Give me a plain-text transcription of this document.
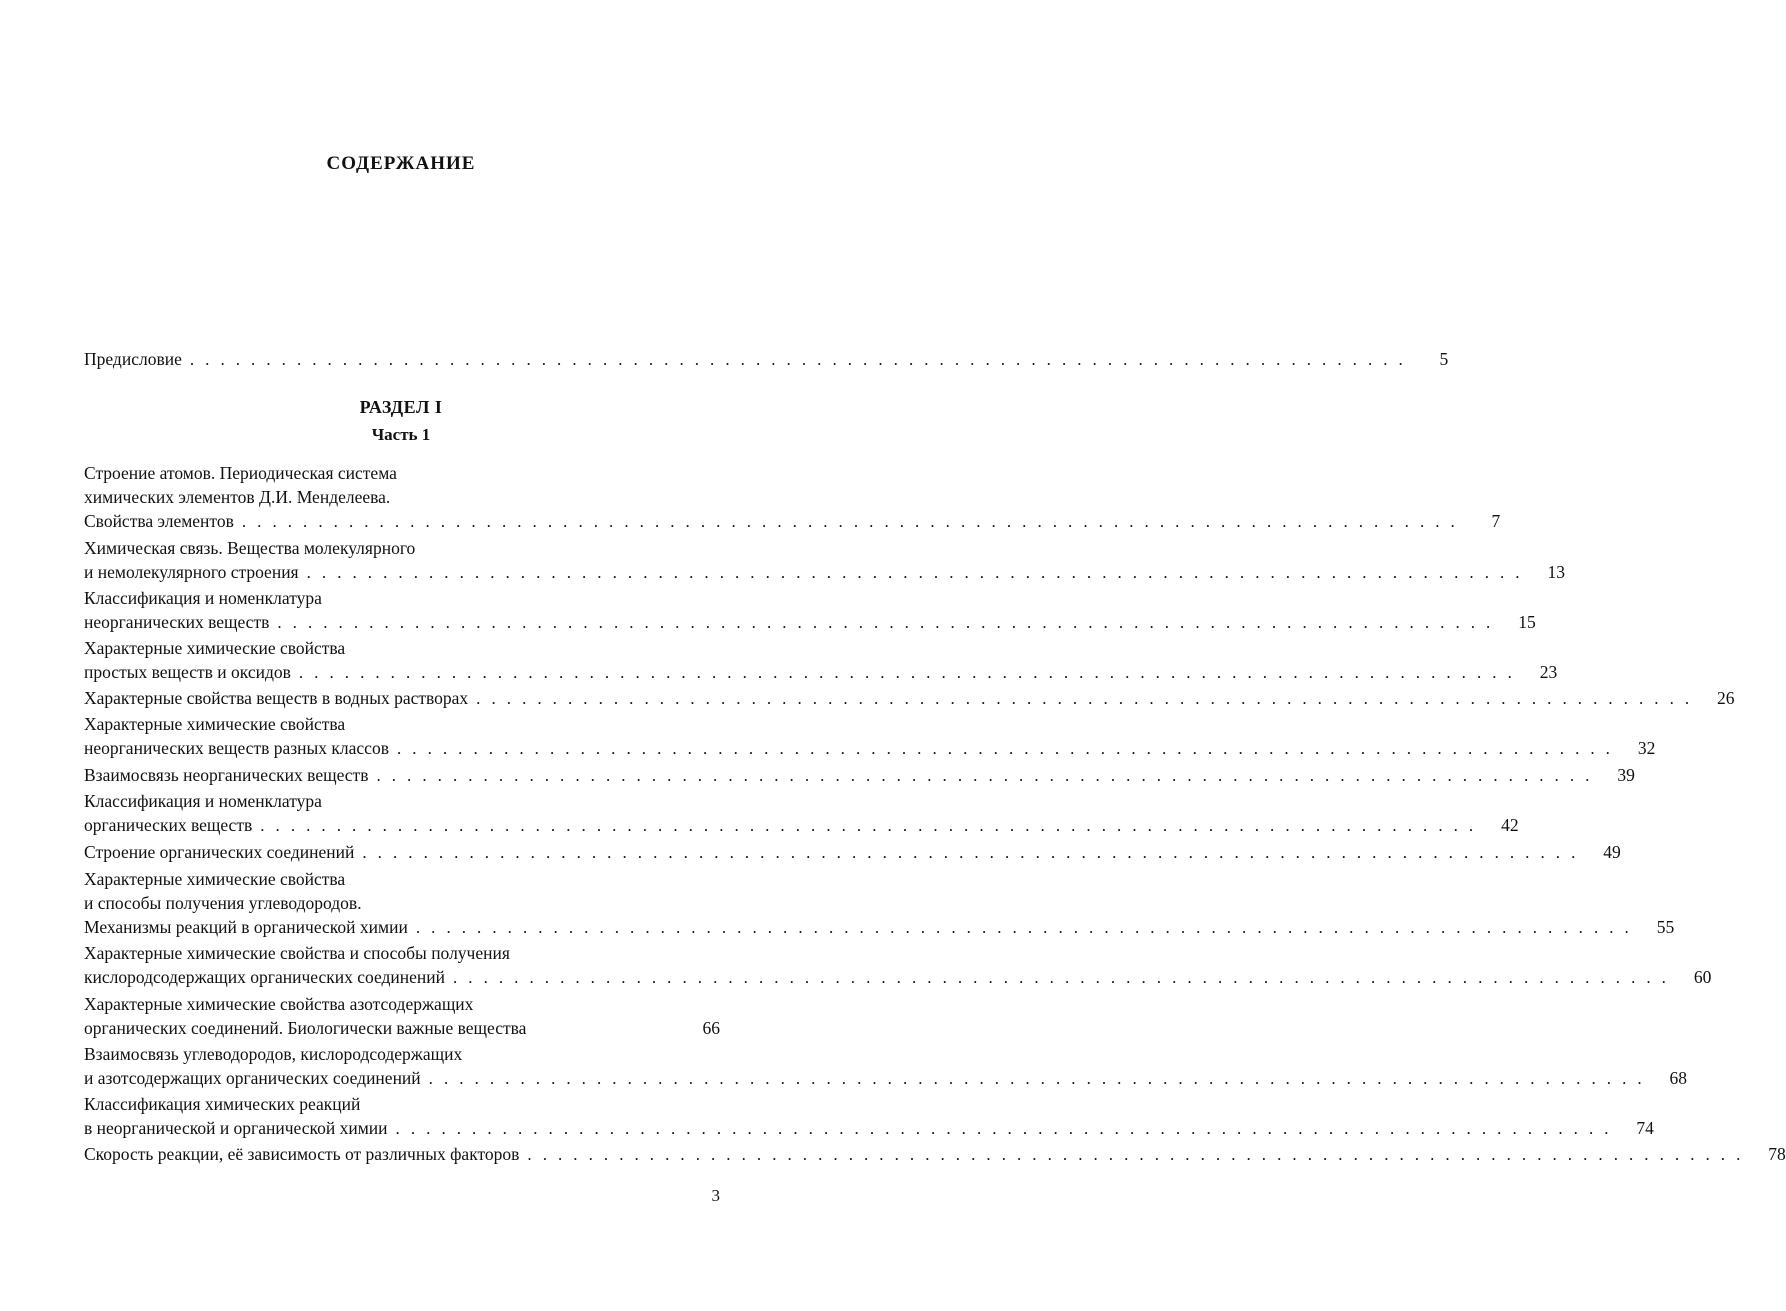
СОДЕРЖАНИЕ
Предисловие . . . . . . . . . . . . . . . . . . . . . . . . . . . . . . . . . . . . . . . . . . . . . . . . . . . . . . . . . . . . . . . . . . . . . . . . . . . . . . . .	5
Строение атомов. Периодическая система
химических элементов Д.И. Менделеева.
Свойства элементов . . . . . . . . . . . . . . . . . . . . . . . . . . . . . . . . . . . . . . . . . . . . . . . . . . . . . . . . . . . . . . . . . . . . . . . . . . . . . . . .	7
Химическая связь. Вещества молекулярного
и немолекулярного строения . . . . . . . . . . . . . . . . . . . . . . . . . . . . . . . . . . . . . . . . . . . . . . . . . . . . . . . . . . . . . . . . . . . . . . . . . . . . . . . .	13
Классификация и номенклатура
неорганических веществ . . . . . . . . . . . . . . . . . . . . . . . . . . . . . . . . . . . . . . . . . . . . . . . . . . . . . . . . . . . . . . . . . . . . . . . . . . . . . . . .	15
Характерные химические свойства
простых веществ и оксидов . . . . . . . . . . . . . . . . . . . . . . . . . . . . . . . . . . . . . . . . . . . . . . . . . . . . . . . . . . . . . . . . . . . . . . . . . . . . . . . .	23
Характерные свойства веществ в водных растворах . . . . . . . . . . . . . . . . . . . . . . . . . . . . . . . . . . . . . . . . . . . . . . . . . . . . . . . . . . . . . . . . . . . . . . . . . . . . . . . .	26
Характерные химические свойства
неорганических веществ разных классов . . . . . . . . . . . . . . . . . . . . . . . . . . . . . . . . . . . . . . . . . . . . . . . . . . . . . . . . . . . . . . . . . . . . . . . . . . . . . . . .	32
Взаимосвязь неорганических веществ . . . . . . . . . . . . . . . . . . . . . . . . . . . . . . . . . . . . . . . . . . . . . . . . . . . . . . . . . . . . . . . . . . . . . . . . . . . . . . . .	39
Классификация и номенклатура
органических веществ . . . . . . . . . . . . . . . . . . . . . . . . . . . . . . . . . . . . . . . . . . . . . . . . . . . . . . . . . . . . . . . . . . . . . . . . . . . . . . . .	42
Строение органических соединений . . . . . . . . . . . . . . . . . . . . . . . . . . . . . . . . . . . . . . . . . . . . . . . . . . . . . . . . . . . . . . . . . . . . . . . . . . . . . . . .	49
Характерные химические свойства
и способы получения углеводородов.
Механизмы реакций в органической химии . . . . . . . . . . . . . . . . . . . . . . . . . . . . . . . . . . . . . . . . . . . . . . . . . . . . . . . . . . . . . . . . . . . . . . . . . . . . . . . .	55
Характерные химические свойства и способы получения
кислородсодержащих органических соединений . . . . . . . . . . . . . . . . . . . . . . . . . . . . . . . . . . . . . . . . . . . . . . . . . . . . . . . . . . . . . . . . . . . . . . . . . . . . . . . .	60
Характерные химические свойства азотсодержащих
органических соединений. Биологически важные вещества	66
Взаимосвязь углеводородов, кислородсодержащих
и азотсодержащих органических соединений . . . . . . . . . . . . . . . . . . . . . . . . . . . . . . . . . . . . . . . . . . . . . . . . . . . . . . . . . . . . . . . . . . . . . . . . . . . . . . . .	68
Классификация химических реакций
в неорганической и органической химии . . . . . . . . . . . . . . . . . . . . . . . . . . . . . . . . . . . . . . . . . . . . . . . . . . . . . . . . . . . . . . . . . . . . . . . . . . . . . . . .	74
Скорость реакции, её зависимость от различных факторов . . . . . . . . . . . . . . . . . . . . . . . . . . . . . . . . . . . . . . . . . . . . . . . . . . . . . . . . . . . . . . . . . . . . . . . . . . . . . . . .	78
РАЗДЕЛ I
Часть 1
3
